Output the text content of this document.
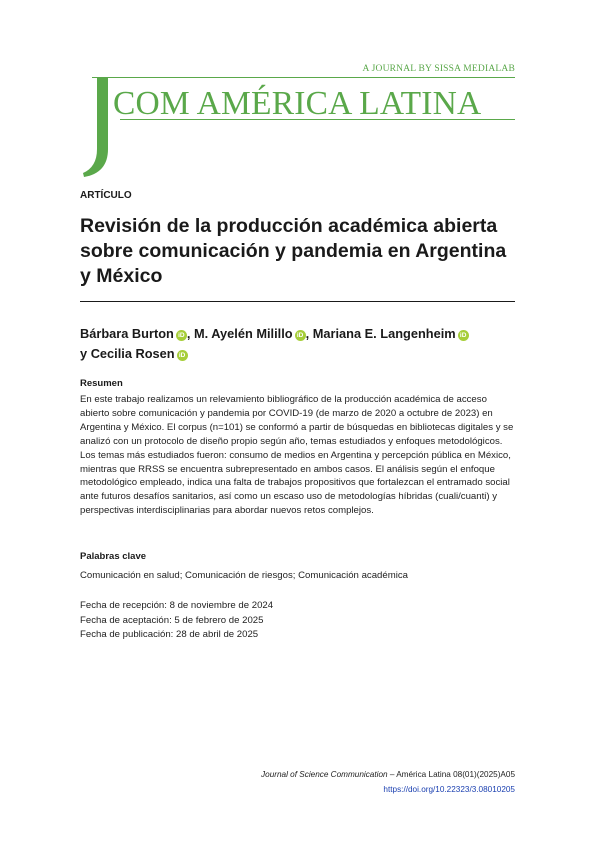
A JOURNAL BY SISSA MEDIALAB
COM AMÉRICA LATINA
ARTÍCULO
Revisión de la producción académica abierta sobre comunicación y pandemia en Argentina y México
Bárbara Burton iD , M. Ayelén Milillo iD , Mariana E. Langenheim iD
y Cecilia Rosen iD
Resumen
En este trabajo realizamos un relevamiento bibliográfico de la producción académica de acceso abierto sobre comunicación y pandemia por COVID-19 (de marzo de 2020 a octubre de 2023) en Argentina y México. El corpus (n=101) se conformó a partir de búsquedas en bibliotecas digitales y se analizó con un protocolo de diseño propio según año, temas estudiados y enfoques metodológicos. Los temas más estudiados fueron: consumo de medios en Argentina y percepción pública en México, mientras que RRSS se encuentra subrepresentado en ambos casos. El análisis según el enfoque metodológico empleado, indica una falta de trabajos propositivos que fortalezcan el entramado social ante futuros desafíos sanitarios, así como un escaso uso de metodologías híbridas (cuali/cuanti) y perspectivas interdisciplinarias para abordar nuevos retos complejos.
Palabras clave
Comunicación en salud; Comunicación de riesgos; Comunicación académica
Fecha de recepción: 8 de noviembre de 2024
Fecha de aceptación: 5 de febrero de 2025
Fecha de publicación: 28 de abril de 2025
Journal of Science Communication – América Latina 08(01)(2025)A05
https://doi.org/10.22323/3.08010205
